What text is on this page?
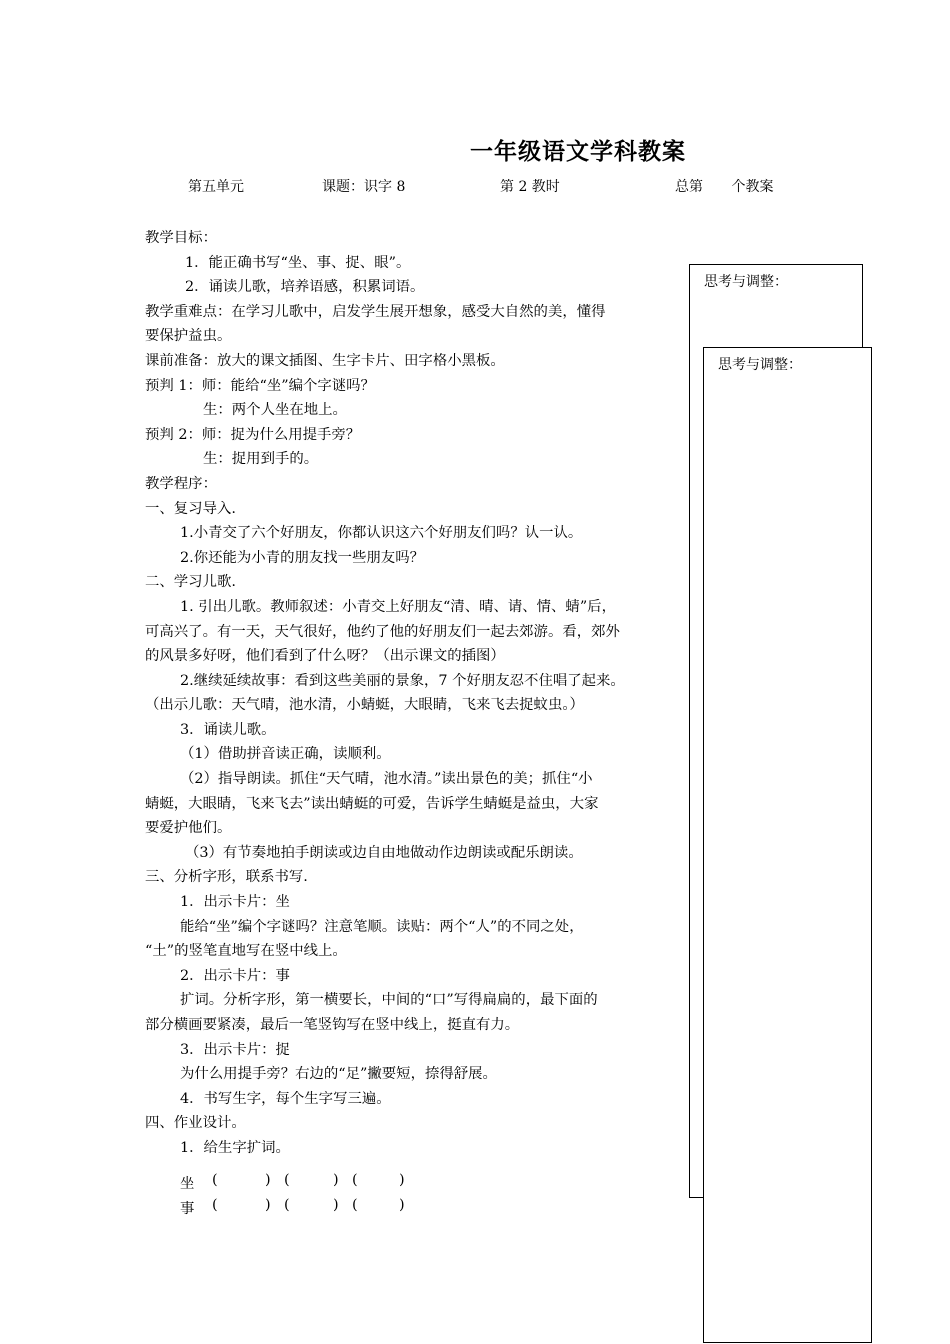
一年级语文学科教案
第五单元	课题：识字 8	第 2 教时	总第 个教案
思考与调整：
思考与调整：
教学目标：
1．能正确书写“坐、事、捉、眼”。
2．诵读儿歌，培养语感，积累词语。
教学重难点：在学习儿歌中，启发学生展开想象，感受大自然的美，懂得
要保护益虫。
课前准备：放大的课文插图、生字卡片、田字格小黑板。
预判 1：师：能给“坐”编个字谜吗？
生：两个人坐在地上。
预判 2：师：捉为什么用提手旁？
生：捉用到手的。
教学程序：
一、复习导入.
1.小青交了六个好朋友，你都认识这六个好朋友们吗？认一认。
2.你还能为小青的朋友找一些朋友吗？
二、学习儿歌.
1. 引出儿歌。教师叙述：小青交上好朋友“清、晴、请、情、蜻”后，
可高兴了。有一天，天气很好，他约了他的好朋友们一起去郊游。看，郊外
的风景多好呀，他们看到了什么呀？（出示课文的插图）
2.继续延续故事：看到这些美丽的景象，7 个好朋友忍不住唱了起来。
（出示儿歌：天气晴，池水清，小蜻蜓，大眼睛，飞来飞去捉蚊虫。）
3．诵读儿歌。
（1）借助拼音读正确，读顺利。
（2）指导朗读。抓住“天气晴，池水清。”读出景色的美；抓住“小
蜻蜓，大眼睛，飞来飞去”读出蜻蜓的可爱，告诉学生蜻蜓是益虫，大家
要爱护他们。
（3）有节奏地拍手朗读或边自由地做动作边朗读或配乐朗读。
三、分析字形，联系书写.
1．出示卡片：坐
能给“坐”编个字谜吗？注意笔顺。读贴：两个“人”的不同之处，
“土”的竖笔直地写在竖中线上。
2．出示卡片：事
扩词。分析字形，第一横要长，中间的“口”写得扁扁的，最下面的
部分横画要紧凑，最后一笔竖钩写在竖中线上，挺直有力。
3．出示卡片：捉
为什么用提手旁？右边的“足”撇要短，捺得舒展。
4．书写生字，每个生字写三遍。
四、作业设计。
1．给生字扩词。
坐 (	) (	) (	)
事 (	) (	) (	)
